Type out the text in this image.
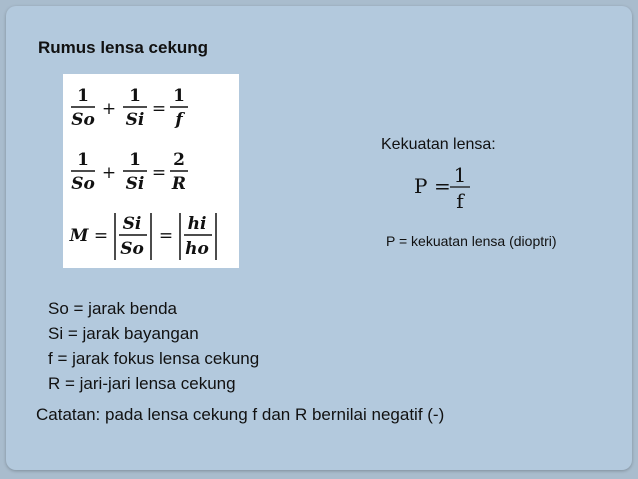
Rumus lensa cekung
1
So
+
1
Si
=
1
f
1
So
+
1
Si
=
2
R
M =
Si
So
=
hi
ho
Kekuatan lensa:
P = 1
f
P = kekuatan lensa (dioptri)
So = jarak benda
Si = jarak bayangan
f = jarak fokus lensa cekung
R = jari-jari lensa cekung
Catatan: pada lensa cekung f dan R bernilai negatif (-)
